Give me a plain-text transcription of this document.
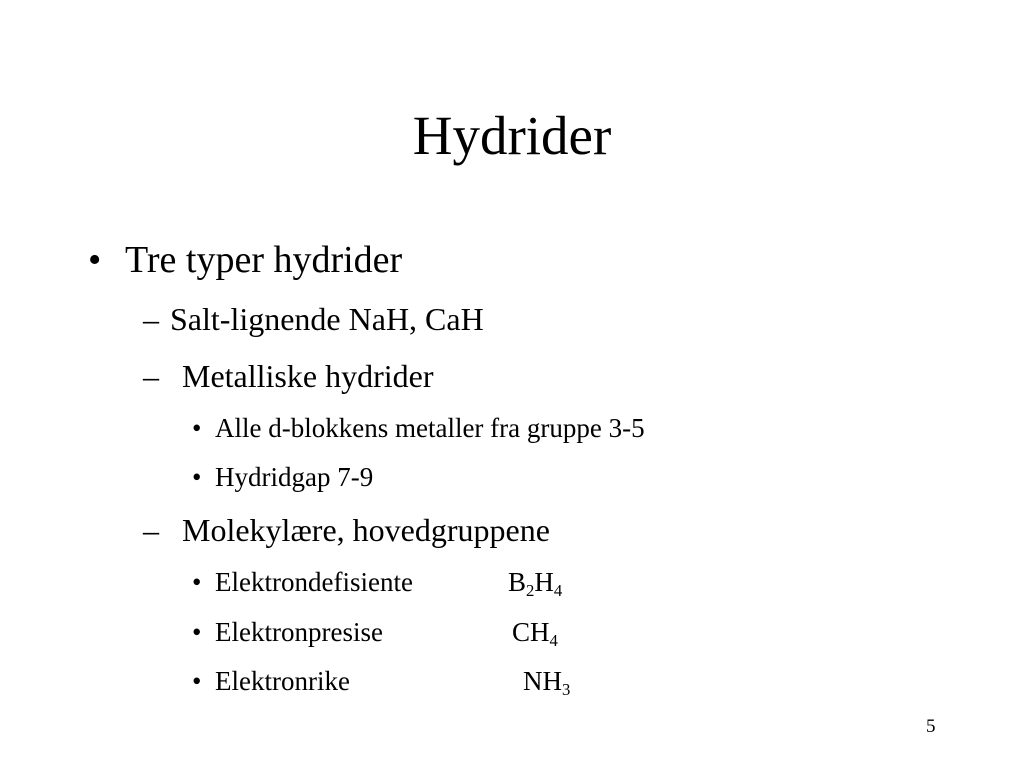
Hydrider
• Tre typer hydrider
– Salt-lignende NaH, CaH
– Metalliske hydrider
• Alle d-blokkens metaller fra gruppe 3-5
• Hydridgap 7-9
– Molekylære, hovedgruppene
• Elektrondefisiente	$B_2H_4$
• Elektronpresise	$CH_4$
• Elektronrike	$NH_3$
5
